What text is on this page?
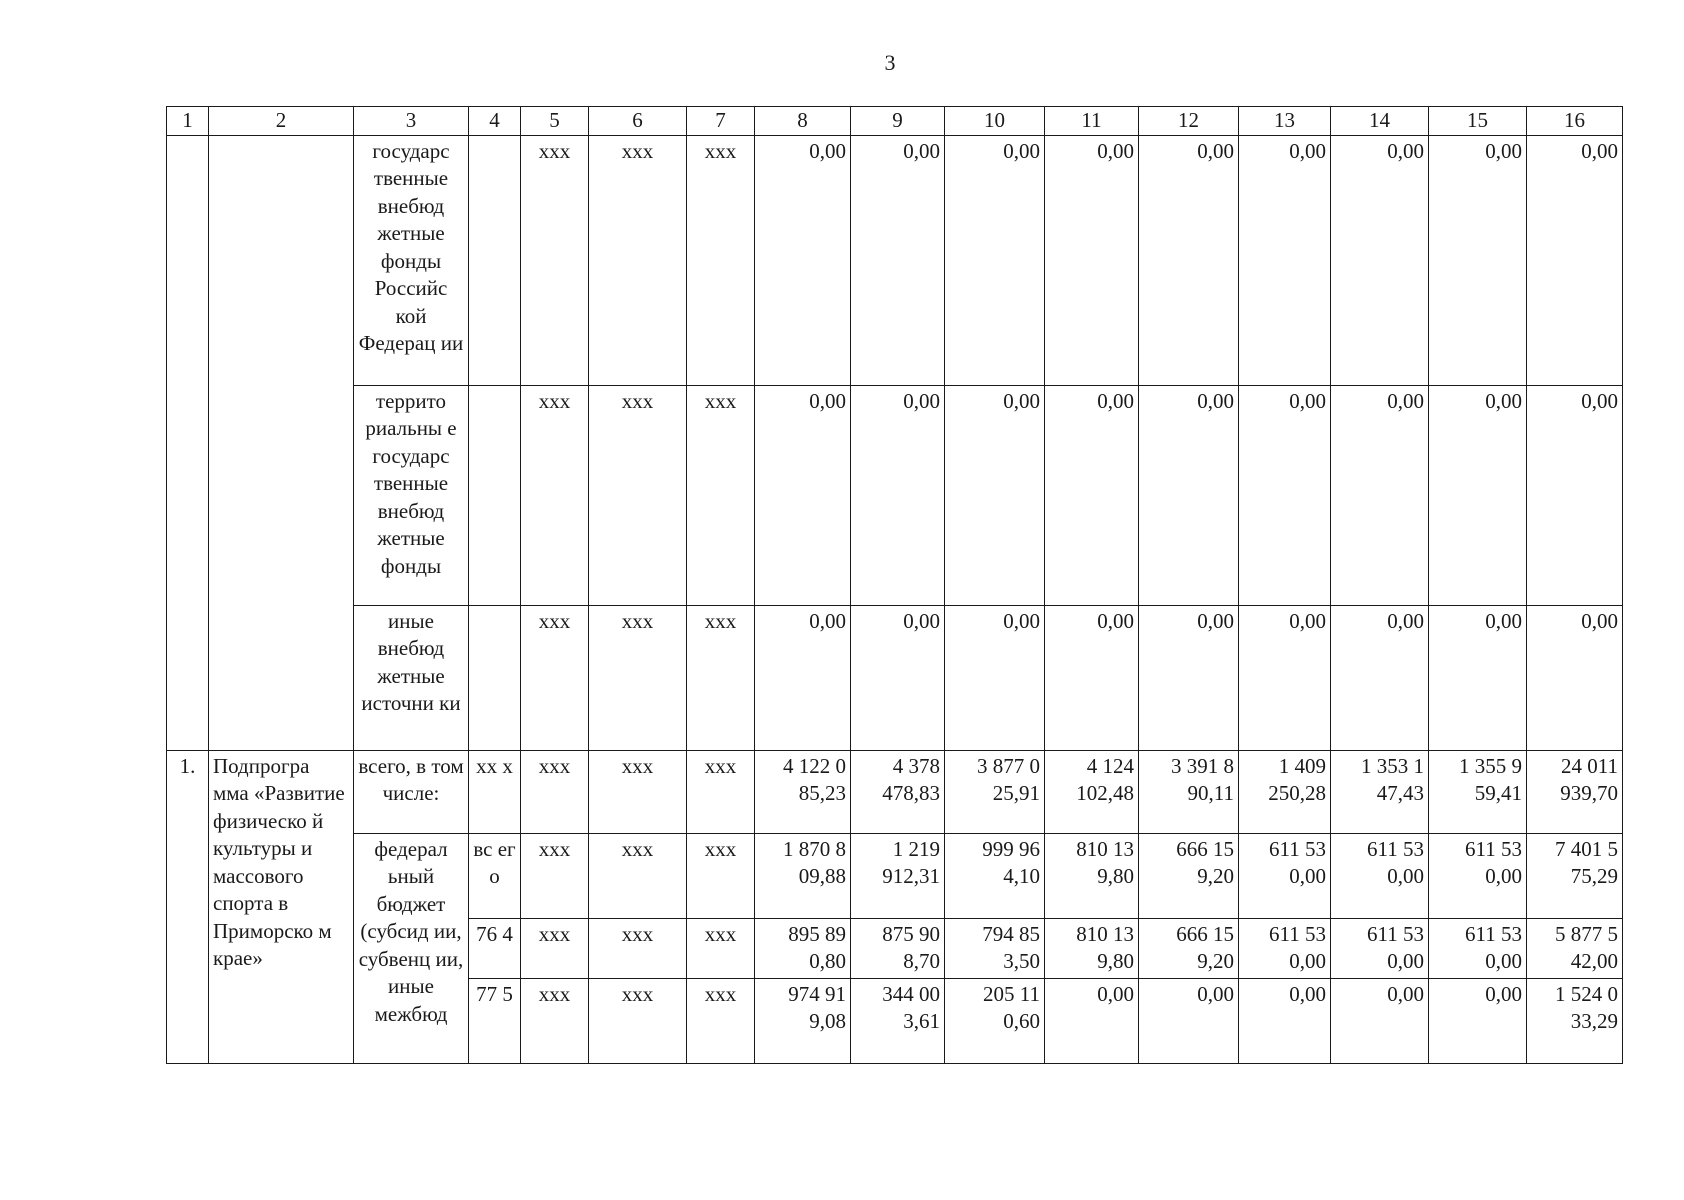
3
1	2	3	4	5	6	7	8	9	10	11	12	13	14	15	16
		государс твенные внебюд жетные фонды Российс кой Федерац ии		ххх	ххх	ххх	0,00	0,00	0,00	0,00	0,00	0,00	0,00	0,00	0,00
		террито риальны е государс твенные внебюд жетные фонды		ххх	ххх	ххх	0,00	0,00	0,00	0,00	0,00	0,00	0,00	0,00	0,00
		иные внебюд жетные источни ки		ххх	ххх	ххх	0,00	0,00	0,00	0,00	0,00	0,00	0,00	0,00	0,00
1.	Подпрогра мма «Развитие физическо й культуры и массового спорта в Приморско м крае»	всего, в том числе:	хх х	ххх	ххх	ххх	4 122 0 85,23	4 378 478,83	3 877 0 25,91	4 124 102,48	3 391 8 90,11	1 409 250,28	1 353 1 47,43	1 355 9 59,41	24 011 939,70
		федерал ьный бюджет (субсид ии, субвенц ии, иные межбюд	вс ег о	ххх	ххх	ххх	1 870 8 09,88	1 219 912,31	999 96 4,10	810 13 9,80	666 15 9,20	611 53 0,00	611 53 0,00	611 53 0,00	7 401 5 75,29
			76 4	ххх	ххх	ххх	895 89 0,80	875 90 8,70	794 85 3,50	810 13 9,80	666 15 9,20	611 53 0,00	611 53 0,00	611 53 0,00	5 877 5 42,00
			77 5	ххх	ххх	ххх	974 91 9,08	344 00 3,61	205 11 0,60	0,00	0,00	0,00	0,00	0,00	1 524 0 33,29
